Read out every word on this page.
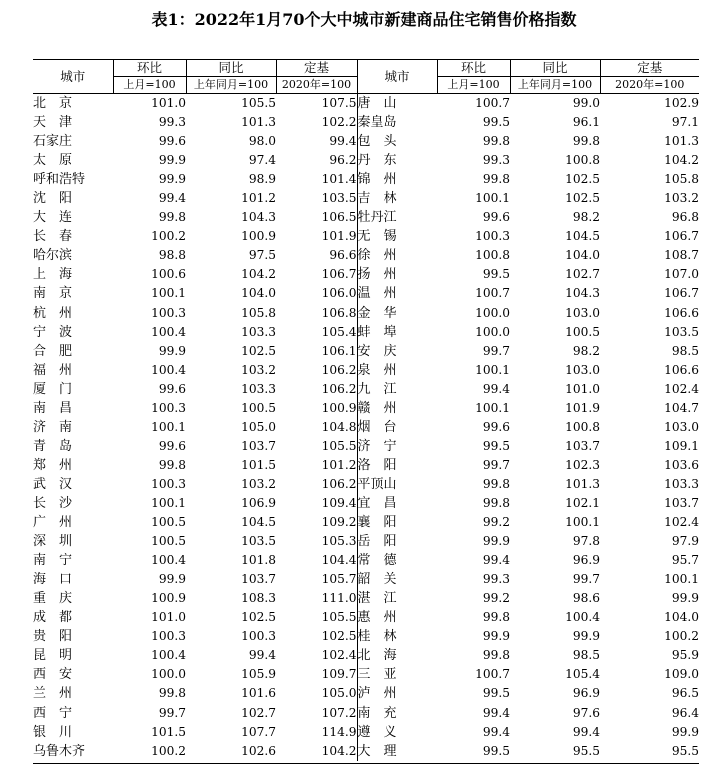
表1：2022年1月70个大中城市新建商品住宅销售价格指数
城市	环比	同比	定基	城市	环比	同比	定基
	上月=100	上年同月=100	2020年=100		上月=100	上年同月=100	2020年=100
北　京	101.0	105.5	107.5	唐　山	100.7	99.0	102.9
天　津	99.3	101.3	102.2	秦皇岛	99.5	96.1	97.1
石家庄	99.6	98.0	99.4	包　头	99.8	99.8	101.3
太　原	99.9	97.4	96.2	丹　东	99.3	100.8	104.2
呼和浩特	99.9	98.9	101.4	锦　州	99.8	102.5	105.8
沈　阳	99.4	101.2	103.5	吉　林	100.1	102.5	103.2
大　连	99.8	104.3	106.5	牡丹江	99.6	98.2	96.8
长　春	100.2	100.9	101.9	无　锡	100.3	104.5	106.7
哈尔滨	98.8	97.5	96.6	徐　州	100.8	104.0	108.7
上　海	100.6	104.2	106.7	扬　州	99.5	102.7	107.0
南　京	100.1	104.0	106.0	温　州	100.7	104.3	106.7
杭　州	100.3	105.8	106.8	金　华	100.0	103.0	106.6
宁　波	100.4	103.3	105.4	蚌　埠	100.0	100.5	103.5
合　肥	99.9	102.5	106.1	安　庆	99.7	98.2	98.5
福　州	100.4	103.2	106.2	泉　州	100.1	103.0	106.6
厦　门	99.6	103.3	106.2	九　江	99.4	101.0	102.4
南　昌	100.3	100.5	100.9	赣　州	100.1	101.9	104.7
济　南	100.1	105.0	104.8	烟　台	99.6	100.8	103.0
青　岛	99.6	103.7	105.5	济　宁	99.5	103.7	109.1
郑　州	99.8	101.5	101.2	洛　阳	99.7	102.3	103.6
武　汉	100.3	103.2	106.2	平顶山	99.8	101.3	103.3
长　沙	100.1	106.9	109.4	宜　昌	99.8	102.1	103.7
广　州	100.5	104.5	109.2	襄　阳	99.2	100.1	102.4
深　圳	100.5	103.5	105.3	岳　阳	99.9	97.8	97.9
南　宁	100.4	101.8	104.4	常　德	99.4	96.9	95.7
海　口	99.9	103.7	105.7	韶　关	99.3	99.7	100.1
重　庆	100.9	108.3	111.0	湛　江	99.2	98.6	99.9
成　都	101.0	102.5	105.5	惠　州	99.8	100.4	104.0
贵　阳	100.3	100.3	102.5	桂　林	99.9	99.9	100.2
昆　明	100.4	99.4	102.4	北　海	99.8	98.5	95.9
西　安	100.0	105.9	109.7	三　亚	100.7	105.4	109.0
兰　州	99.8	101.6	105.0	泸　州	99.5	96.9	96.5
西　宁	99.7	102.7	107.2	南　充	99.4	97.6	96.4
银　川	101.5	107.7	114.9	遵　义	99.4	99.4	99.9
乌鲁木齐	100.2	102.6	104.2	大　理	99.5	95.5	95.5
